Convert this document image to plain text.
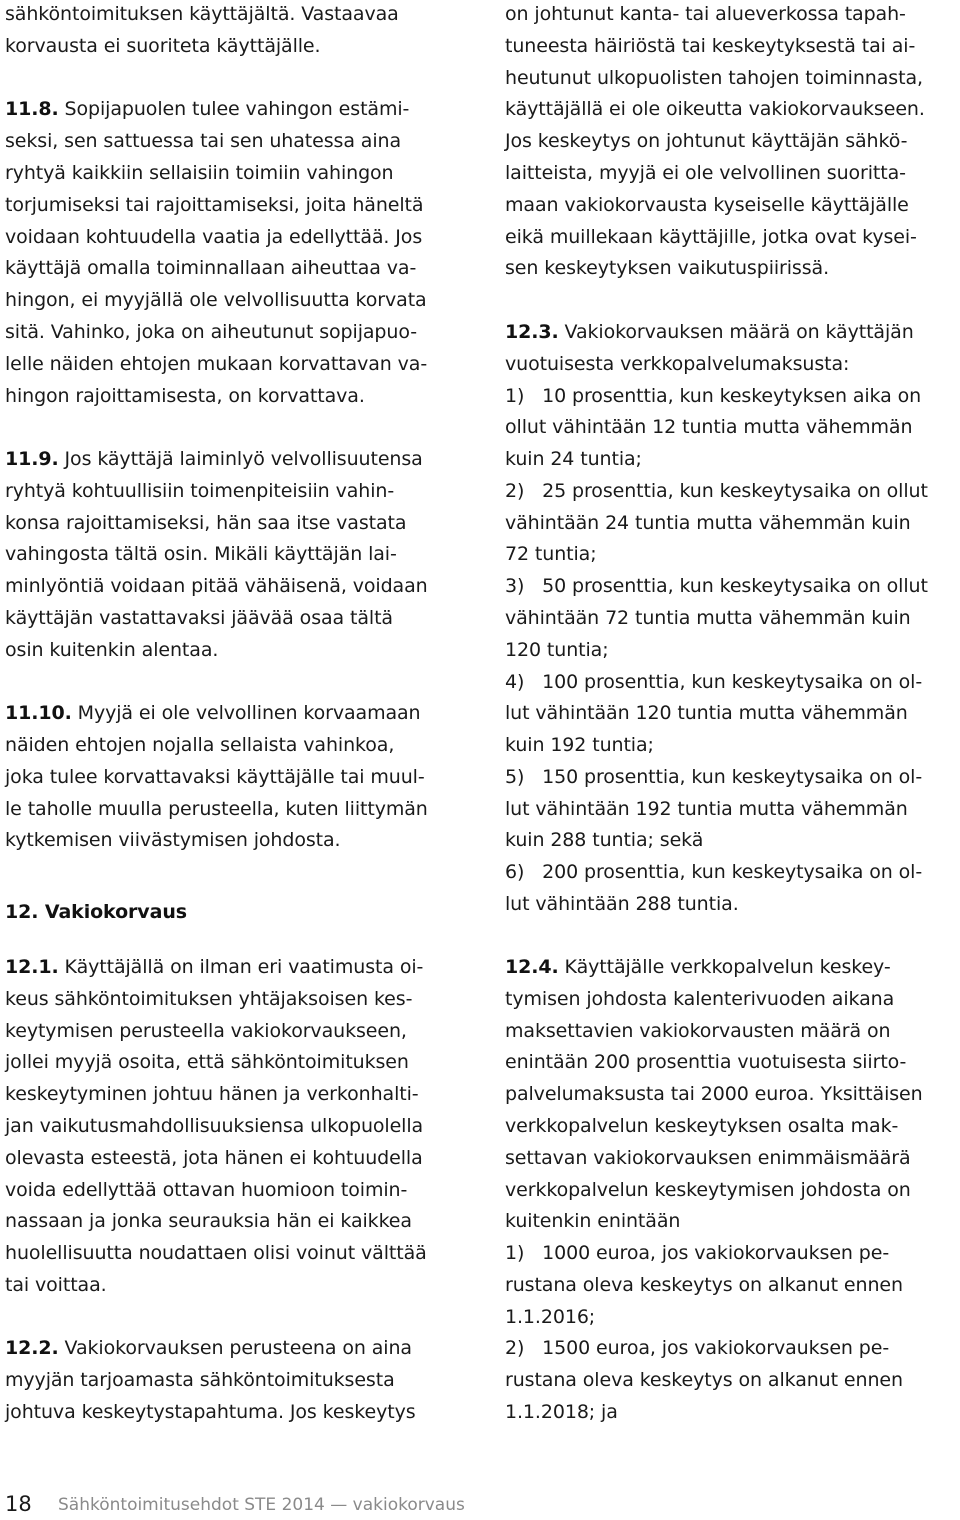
sähköntoimituksen käyttäjältä. Vastaavaa
korvausta ei suoriteta käyttäjälle.
11.8. Sopijapuolen tulee vahingon estämi-
seksi, sen sattuessa tai sen uhatessa aina
ryhtyä kaikkiin sellaisiin toimiin vahingon
torjumiseksi tai rajoittamiseksi, joita häneltä
voidaan kohtuudella vaatia ja edellyttää. Jos
käyttäjä omalla toiminnallaan aiheuttaa va-
hingon, ei myyjällä ole velvollisuutta korvata
sitä. Vahinko, joka on aiheutunut sopijapuo-
lelle näiden ehtojen mukaan korvattavan va-
hingon rajoittamisesta, on korvattava.
11.9. Jos käyttäjä laiminlyö velvollisuutensa
ryhtyä kohtuullisiin toimenpiteisiin vahin-
konsa rajoittamiseksi, hän saa itse vastata
vahingosta tältä osin. Mikäli käyttäjän lai-
minlyöntiä voidaan pitää vähäisenä, voidaan
käyttäjän vastattavaksi jäävää osaa tältä
osin kuitenkin alentaa.
11.10. Myyjä ei ole velvollinen korvaamaan
näiden ehtojen nojalla sellaista vahinkoa,
joka tulee korvattavaksi käyttäjälle tai muul-
le taholle muulla perusteella, kuten liittymän
kytkemisen viivästymisen johdosta.
12. Vakiokorvaus
12.1. Käyttäjällä on ilman eri vaatimusta oi-
keus sähköntoimituksen yhtäjaksoisen kes-
keytymisen perusteella vakiokorvaukseen,
jollei myyjä osoita, että sähköntoimituksen
keskeytyminen johtuu hänen ja verkonhalti-
jan vaikutusmahdollisuuksiensa ulkopuolella
olevasta esteestä, jota hänen ei kohtuudella
voida edellyttää ottavan huomioon toimin-
nassaan ja jonka seurauksia hän ei kaikkea
huolellisuutta noudattaen olisi voinut välttää
tai voittaa.
12.2. Vakiokorvauksen perusteena on aina
myyjän tarjoamasta sähköntoimituksesta
johtuva keskeytystapahtuma. Jos keskeytys
on johtunut kanta- tai alueverkossa tapah-
tuneesta häiriöstä tai keskeytyksestä tai ai-
heutunut ulkopuolisten tahojen toiminnasta,
käyttäjällä ei ole oikeutta vakiokorvaukseen.
Jos keskeytys on johtunut käyttäjän sähkö-
laitteista, myyjä ei ole velvollinen suoritta-
maan vakiokorvausta kyseiselle käyttäjälle
eikä muillekaan käyttäjille, jotka ovat kysei-
sen keskeytyksen vaikutuspiirissä.
12.3. Vakiokorvauksen määrä on käyttäjän
vuotuisesta verkkopalvelumaksusta:
1)   10 prosenttia, kun keskeytyksen aika on
ollut vähintään 12 tuntia mutta vähemmän
kuin 24 tuntia;
2)   25 prosenttia, kun keskeytysaika on ollut
vähintään 24 tuntia mutta vähemmän kuin
72 tuntia;
3)   50 prosenttia, kun keskeytysaika on ollut
vähintään 72 tuntia mutta vähemmän kuin
120 tuntia;
4)   100 prosenttia, kun keskeytysaika on ol-
lut vähintään 120 tuntia mutta vähemmän
kuin 192 tuntia;
5)   150 prosenttia, kun keskeytysaika on ol-
lut vähintään 192 tuntia mutta vähemmän
kuin 288 tuntia; sekä
6)   200 prosenttia, kun keskeytysaika on ol-
lut vähintään 288 tuntia.
12.4. Käyttäjälle verkkopalvelun keskey-
tymisen johdosta kalenterivuoden aikana
maksettavien vakiokorvausten määrä on
enintään 200 prosenttia vuotuisesta siirto-
palvelumaksusta tai 2000 euroa. Yksittäisen
verkkopalvelun keskeytyksen osalta mak-
settavan vakiokorvauksen enimmäismäärä
verkkopalvelun keskeytymisen johdosta on
kuitenkin enintään
1)   1000 euroa, jos vakiokorvauksen pe-
rustana oleva keskeytys on alkanut ennen
1.1.2016;
2)   1500 euroa, jos vakiokorvauksen pe-
rustana oleva keskeytys on alkanut ennen
1.1.2018; ja
18 Sähköntoimitusehdot STE 2014 — vakiokorvaus
